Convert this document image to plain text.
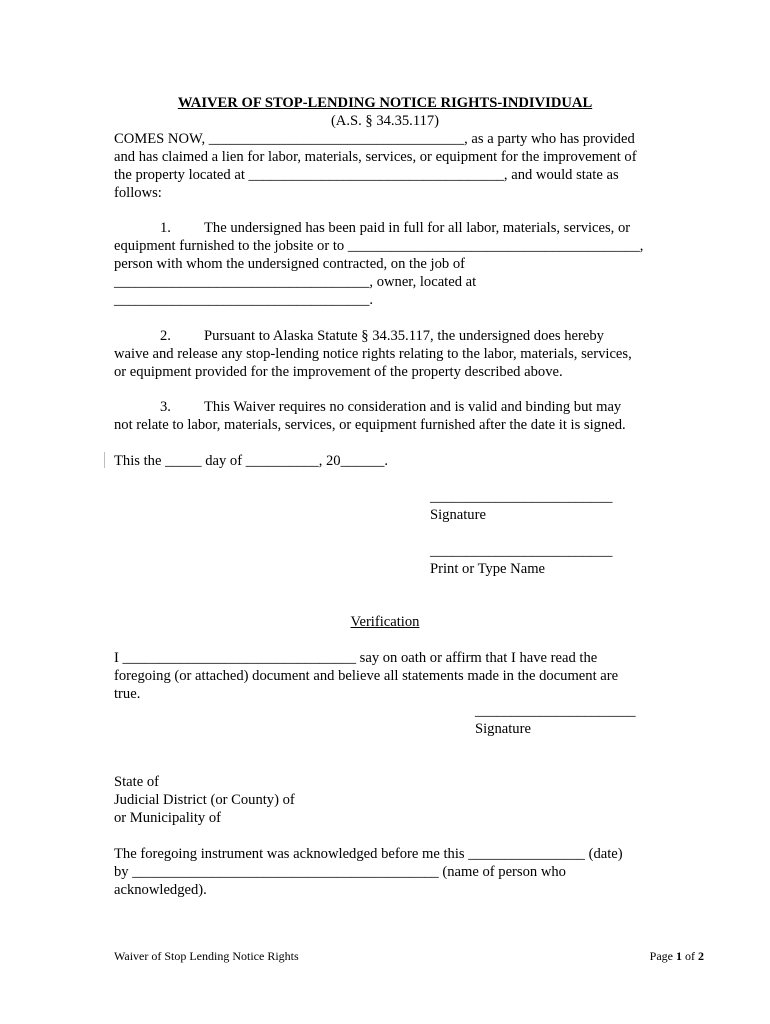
WAIVER OF STOP-LENDING NOTICE RIGHTS-INDIVIDUAL
(A.S. § 34.35.117)
COMES NOW, ___________________________________, as a party who has provided
and has claimed a lien for labor, materials, services, or equipment for the improvement of
the property located at ___________________________________, and would state as
follows:
1. The undersigned has been paid in full for all labor, materials, services, or
equipment furnished to the jobsite or to ________________________________________,
person with whom the undersigned contracted, on the job of
___________________________________, owner, located at
___________________________________.
2. Pursuant to Alaska Statute § 34.35.117, the undersigned does hereby
waive and release any stop-lending notice rights relating to the labor, materials, services,
or equipment provided for the improvement of the property described above.
3. This Waiver requires no consideration and is valid and binding but may
not relate to labor, materials, services, or equipment furnished after the date it is signed.
This the _____ day of __________, 20______.
_________________________
Signature
_________________________
Print or Type Name
Verification
I ________________________________ say on oath or affirm that I have read the
foregoing (or attached) document and believe all statements made in the document are
true.
______________________
Signature
State of
Judicial District (or County) of
or Municipality of
The foregoing instrument was acknowledged before me this ________________ (date)
by __________________________________________ (name of person who
acknowledged).
Waiver of Stop Lending Notice Rights	Page 1 of 2
